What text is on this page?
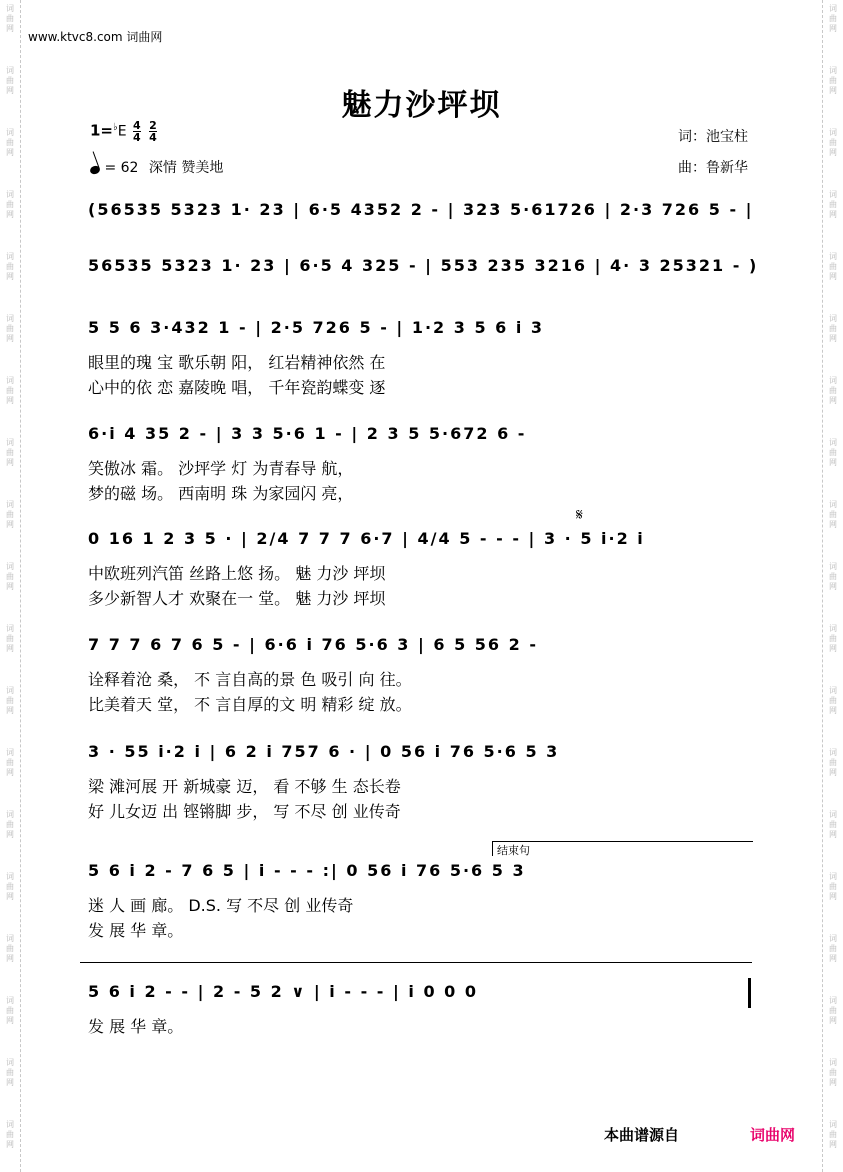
词
曲
网
词
曲
网
词
曲
网
词
曲
网
词
曲
网
词
曲
网
词
曲
网
词
曲
网
词
曲
网
词
曲
网
词
曲
网
词
曲
网
词
曲
网
词
曲
网
词
曲
网
词
曲
网
词
曲
网
词
曲
网
词
曲
网
词
曲
网
词
曲
网
词
曲
网
词
曲
网
词
曲
网
词
曲
网
词
曲
网
词
曲
网
词
曲
网
词
曲
网
词
曲
网
词
曲
网
词
曲
网
词
曲
网
词
曲
网
词
曲
网
词
曲
网
词
曲
网
词
曲
网
www.ktvc8.com 词曲网
魅力沙坪坝
$1=^♭E \frac{4}{4}$
$\frac{2}{4}$
= 62 深情 赞美地
词：池宝柱
曲：鲁新华
(56535 5323 1· 23 | 6·5 4352 2 - | 323 5·61726 | 2·3 726 5 - |
56535 5323 1· 23 | 6·5 4 325 - | 553 235 3216 | 4· 3 25321 - )
5 5 6 3·432 1 - | 2·5 726 5 - | 1·2 3 5 6 i 3
眼里的瑰 宝 歌乐朝 阳， 红岩精神依然 在
心中的依 恋 嘉陵晚 唱， 千年瓷韵蝶变 逐
6·i 4 35 2 - | 3 3 5·6 1 - | 2 3 5 5·672 6 -
笑傲冰 霜。 沙坪学 灯 为青春导 航，
梦的磁 场。 西南明 珠 为家园闪 亮，
0 16 1 2 3 5 · | 2/4 7 7 7 6·7 | 4/4 5 - - - | 3 · 5 i·2 i
中欧班列汽笛 丝路上悠 扬。 魅 力沙 坪坝
多少新智人才 欢聚在一 堂。 魅 力沙 坪坝
7 7 7 6 7 6 5 - | 6·6 i 76 5·6 3 | 6 5 56 2 -
诠释着沧 桑， 不 言自高的景 色 吸引 向 往。
比美着天 堂， 不 言自厚的文 明 精彩 绽 放。
3 · 55 i·2 i | 6 2 i 757 6 · | 0 56 i 76 5·6 5 3
梁 滩河展 开 新城豪 迈， 看 不够 生 态长卷
好 儿女迈 出 铿锵脚 步， 写 不尽 创 业传奇
5 6 i 2 - 7 6 5 | i - - - :| 0 56 i 76 5·6 5 3
迷 人 画 廊。 D.S. 写 不尽 创 业传奇
发 展 华 章。
5 6 i 2 - - | 2 - 5 2 ∨ | i - - - | i 0 0 0
发 展 华 章。
本曲谱源自	词曲网
结束句
𝄋
